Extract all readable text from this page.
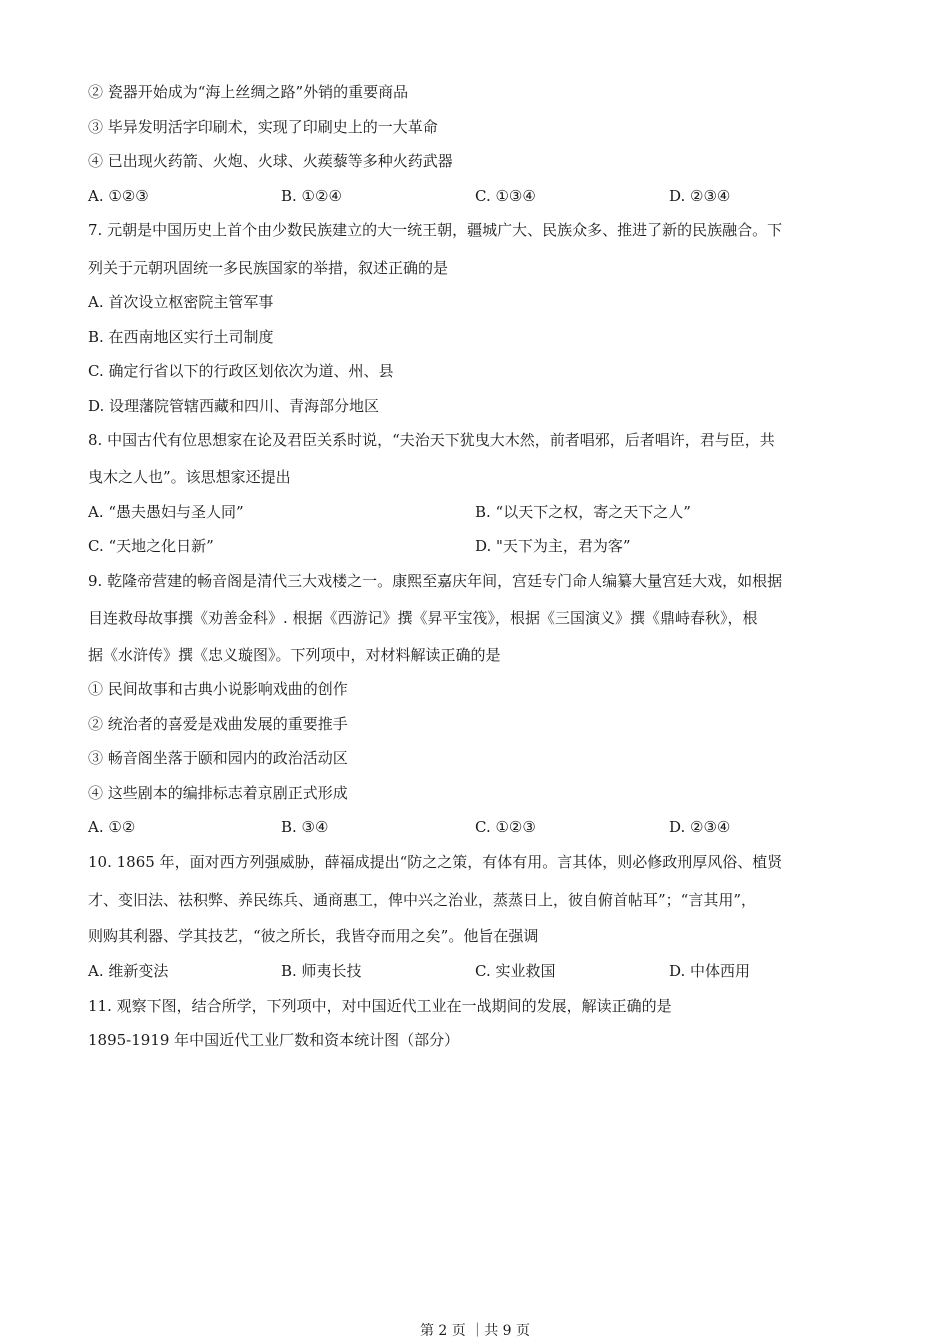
② 瓷器开始成为“海上丝绸之路”外销的重要商品
③ 毕异发明活字印刷术，实现了印刷史上的一大革命
④ 已出现火药箭、火炮、火球、火蒺藜等多种火药武器
A. ①②③	B. ①②④	C. ①③④	D. ②③④
7. 元朝是中国历史上首个由少数民族建立的大一统王朝，疆城广大、民族众多、推进了新的民族融合。下
列关于元朝巩固统一多民族国家的举措，叙述正确的是
A. 首次设立枢密院主管军事
B. 在西南地区实行土司制度
C. 确定行省以下的行政区划依次为道、州、县
D. 设理藩院管辖西藏和四川、青海部分地区
8. 中国古代有位思想家在论及君臣关系时说，“夫治天下犹曳大木然，前者唱邪，后者唱许，君与臣，共
曳木之人也”。该思想家还提出
A. “愚夫愚妇与圣人同”	B. “以天下之权，寄之天下之人”
C. “天地之化日新”	D. "天下为主，君为客”
9. 乾隆帝营建的畅音阁是清代三大戏楼之一。康熙至嘉庆年间，宫廷专门命人编纂大量宫廷大戏，如根据
目连救母故事撰《劝善金科》. 根据《西游记》撰《昇平宝筏》，根据《三国演义》撰《鼎峙春秋》，根
据《水浒传》撰《忠义璇图》。下列项中，对材料解读正确的是
① 民间故事和古典小说影响戏曲的创作
② 统治者的喜爱是戏曲发展的重要推手
③ 畅音阁坐落于颐和园内的政治活动区
④ 这些剧本的编排标志着京剧正式形成
A. ①②	B. ③④	C. ①②③	D. ②③④
10. 1865 年，面对西方列强威胁，薛福成提出“防之之策，有体有用。言其体，则必修政刑厚风俗、植贤
才、变旧法、祛积弊、养民练兵、通商惠工，俾中兴之治业，蒸蒸日上，彼自俯首帖耳”；“言其用”，
则购其利器、学其技艺，“彼之所长，我皆夺而用之矣”。他旨在强调
A. 维新变法	B. 师夷长技	C. 实业救国	D. 中体西用
11. 观察下图，结合所学，下列项中，对中国近代工业在一战期间的发展，解读正确的是
1895-1919 年中国近代工业厂数和资本统计图（部分）
第 2 页 ｜共 9 页
